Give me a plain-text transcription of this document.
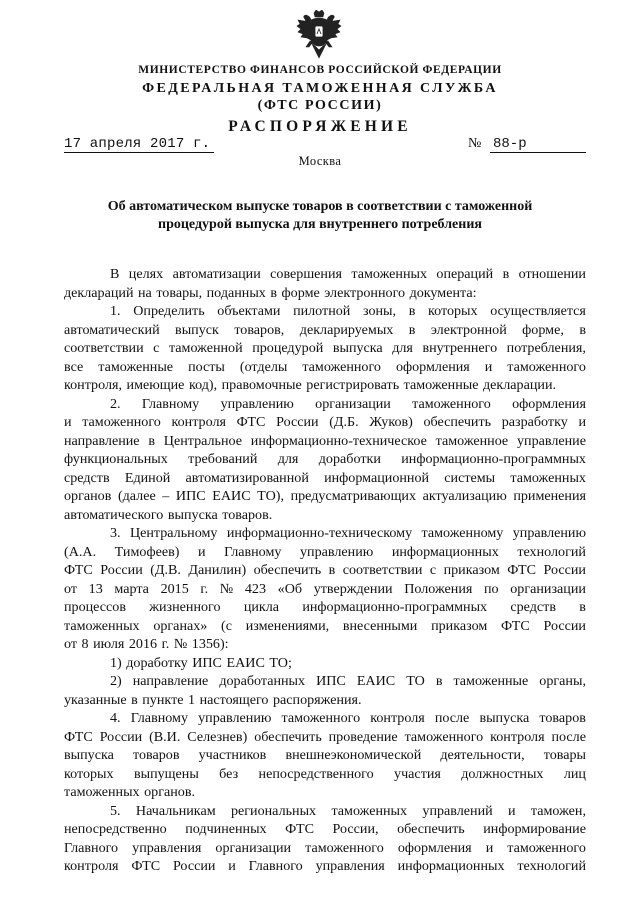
МИНИСТЕРСТВО ФИНАНСОВ РОССИЙСКОЙ ФЕДЕРАЦИИ
ФЕДЕРАЛЬНАЯ ТАМОЖЕННАЯ СЛУЖБА
(ФТС РОССИИ)
РАСПОРЯЖЕНИЕ
17 апреля 2017 г.	№ 88-р
Москва
Об автоматическом выпуске товаров в соответствии с таможенной
процедурой выпуска для внутреннего потребления
В целях автоматизации совершения таможенных операций в отношении
деклараций на товары, поданных в форме электронного документа:
1. Определить объектами пилотной зоны, в которых осуществляется
автоматический выпуск товаров, декларируемых в электронной форме, в
соответствии с таможенной процедурой выпуска для внутреннего потребления,
все таможенные посты (отделы таможенного оформления и таможенного
контроля, имеющие код), правомочные регистрировать таможенные декларации.
2. Главному управлению организации таможенного оформления
и таможенного контроля ФТС России (Д.Б. Жуков) обеспечить разработку и
направление в Центральное информационно-техническое таможенное управление
функциональных требований для доработки информационно-программных
средств Единой автоматизированной информационной системы таможенных
органов (далее – ИПС ЕАИС ТО), предусматривающих актуализацию применения
автоматического выпуска товаров.
3. Центральному информационно-техническому таможенному управлению
(А.А. Тимофеев) и Главному управлению информационных технологий
ФТС России (Д.В. Данилин) обеспечить в соответствии с приказом ФТС России
от 13 марта 2015 г. № 423 «Об утверждении Положения по организации
процессов жизненного цикла информационно-программных средств в
таможенных органах» (с изменениями, внесенными приказом ФТС России
от 8 июля 2016 г. № 1356):
1) доработку ИПС ЕАИС ТО;
2) направление доработанных ИПС ЕАИС ТО в таможенные органы,
указанные в пункте 1 настоящего распоряжения.
4. Главному управлению таможенного контроля после выпуска товаров
ФТС России (В.И. Селезнев) обеспечить проведение таможенного контроля после
выпуска товаров участников внешнеэкономической деятельности, товары
которых выпущены без непосредственного участия должностных лиц
таможенных органов.
5. Начальникам региональных таможенных управлений и таможен,
непосредственно подчиненных ФТС России, обеспечить информирование
Главного управления организации таможенного оформления и таможенного
контроля ФТС России и Главного управления информационных технологий
